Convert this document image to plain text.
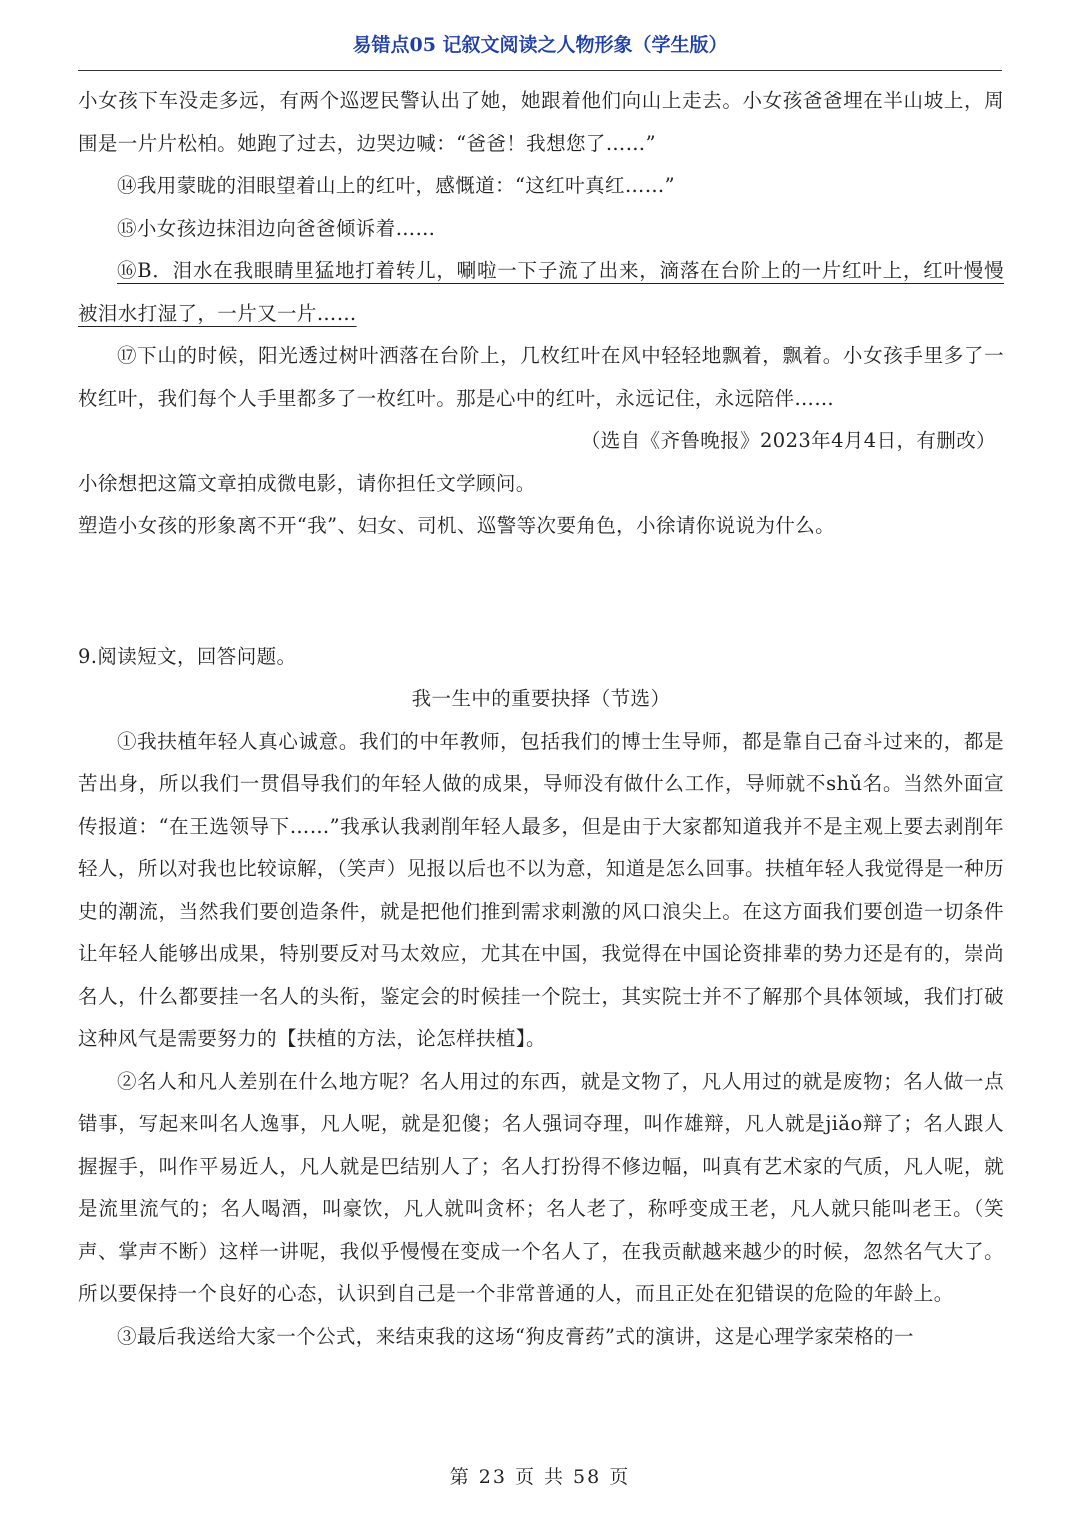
易错点05 记叙文阅读之人物形象（学生版）

小女孩下车没走多远，有两个巡逻民警认出了她，她跟着他们向山上走去。小女孩爸爸埋在半山坡上，周围是一片片松柏。她跑了过去，边哭边喊：“爸爸！我想您了……”

⑭我用蒙眬的泪眼望着山上的红叶，感慨道：“这红叶真红……”

⑮小女孩边抹泪边向爸爸倾诉着……

⑯B．泪水在我眼睛里猛地打着转儿，唰啦一下子流了出来，滴落在台阶上的一片红叶上，红叶慢慢被泪水打湿了，一片又一片……

⑰下山的时候，阳光透过树叶洒落在台阶上，几枚红叶在风中轻轻地飘着，飘着。小女孩手里多了一枚红叶，我们每个人手里都多了一枚红叶。那是心中的红叶，永远记住，永远陪伴……

（选自《齐鲁晚报》2023年4月4日，有删改）

小徐想把这篇文章拍成微电影，请你担任文学顾问。

塑造小女孩的形象离不开“我”、妇女、司机、巡警等次要角色，小徐请你说说为什么。

9.阅读短文，回答问题。

我一生中的重要抉择（节选）

①我扶植年轻人真心诚意。我们的中年教师，包括我们的博士生导师，都是靠自己奋斗过来的，都是苦出身，所以我们一贯倡导我们的年轻人做的成果，导师没有做什么工作，导师就不shǔ名。当然外面宣传报道：“在王选领导下……”我承认我剥削年轻人最多，但是由于大家都知道我并不是主观上要去剥削年轻人，所以对我也比较谅解，（笑声）见报以后也不以为意，知道是怎么回事。扶植年轻人我觉得是一种历史的潮流，当然我们要创造条件，就是把他们推到需求刺激的风口浪尖上。在这方面我们要创造一切条件让年轻人能够出成果，特别要反对马太效应，尤其在中国，我觉得在中国论资排辈的势力还是有的，崇尚名人，什么都要挂一名人的头衔，鉴定会的时候挂一个院士，其实院士并不了解那个具体领域，我们打破这种风气是需要努力的【扶植的方法，论怎样扶植】。

②名人和凡人差别在什么地方呢？名人用过的东西，就是文物了，凡人用过的就是废物；名人做一点错事，写起来叫名人逸事，凡人呢，就是犯傻；名人强词夺理，叫作雄辩，凡人就是jiǎo辩了；名人跟人握握手，叫作平易近人，凡人就是巴结别人了；名人打扮得不修边幅，叫真有艺术家的气质，凡人呢，就是流里流气的；名人喝酒，叫豪饮，凡人就叫贪杯；名人老了，称呼变成王老，凡人就只能叫老王。（笑声、掌声不断）这样一讲呢，我似乎慢慢在变成一个名人了，在我贡献越来越少的时候，忽然名气大了。所以要保持一个良好的心态，认识到自己是一个非常普通的人，而且正处在犯错误的危险的年龄上。

③最后我送给大家一个公式，来结束我的这场“狗皮膏药”式的演讲，这是心理学家荣格的一

第 23 页 共 58 页
